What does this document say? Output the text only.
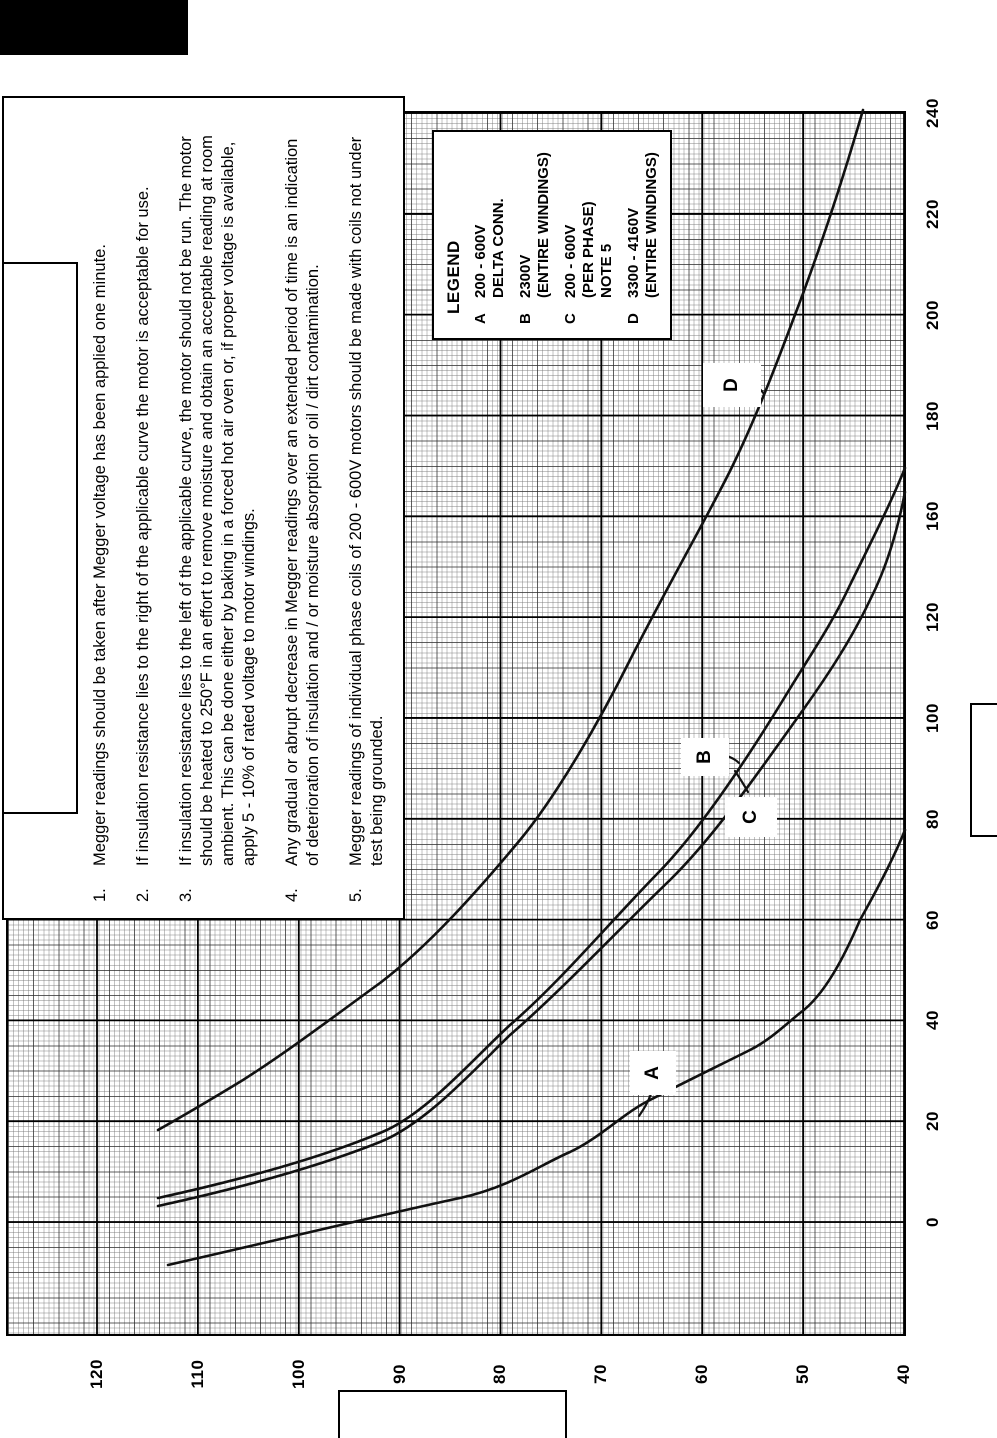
1.
Megger readings should be taken after Megger voltage has been applied one minute.
2.
If insulation resistance lies to the right of the applicable curve the motor is acceptable for use.
3.
If insulation resistance lies to the left of the applicable curve, the motor should not be run. The motor should be heated to 250°F in an effort to remove moisture and obtain an acceptable reading at room ambient. This can be done either by baking in a forced hot air oven or, if proper voltage is available, apply 5 - 10% of rated voltage to motor windings.
4.
Any gradual or abrupt decrease in Megger readings over an extended period of time is an indication of deterioration of insulation and / or moisture absorption or oil / dirt contamination.
5.
Megger readings of individual phase coils of 200 - 600V motors should be made with coils not under test being grounded.
LEGEND
A
200 - 600V DELTA CONN.
B
2300V (ENTIRE WINDINGS)
C
200 - 600V (PER PHASE) NOTE 5
D
3300 - 4160V (ENTIRE WINDINGS)
D
B
C
A
240
220
200
180
160
120
100
80
60
40
20
0
120	110	100	90	80	70	60	50	40
